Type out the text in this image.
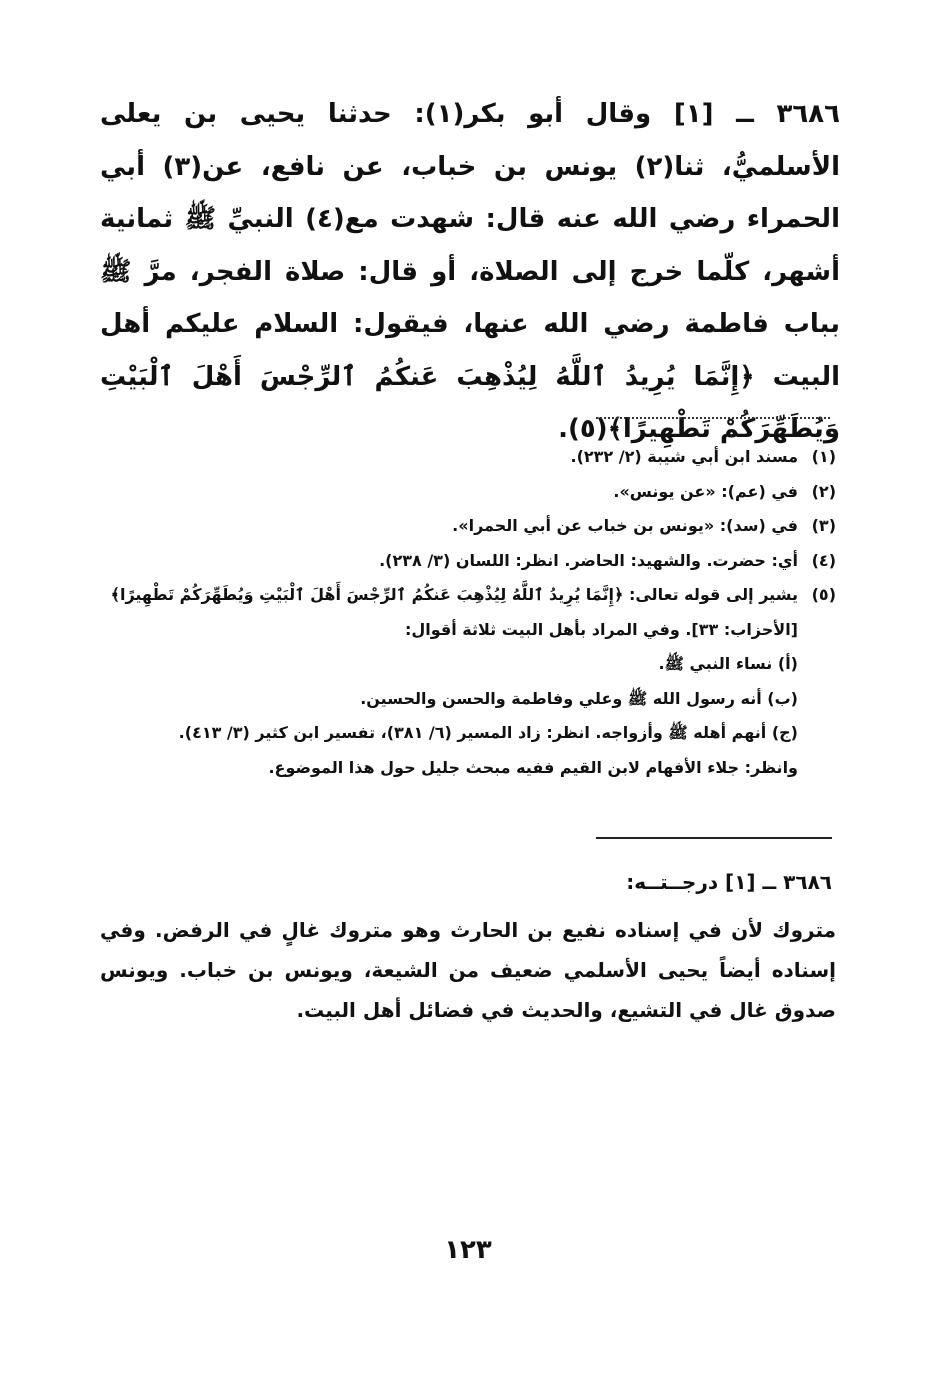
٣٦٨٦ ــ [١] وقال أبو بكر(١): حدثنا يحيى بن يعلى الأسلميُّ، ثنا(٢) يونس بن خباب، عن نافع، عن(٣) أبي الحمراء رضي الله عنه قال: شهدت مع(٤) النبيِّ ﷺ ثمانية أشهر، كلّما خرج إلى الصلاة، أو قال: صلاة الفجر، مرَّ ﷺ بباب فاطمة رضي الله عنها، فيقول: السلام عليكم أهل البيت ﴿إِنَّمَا يُرِيدُ ٱللَّهُ لِيُذْهِبَ عَنكُمُ ٱلرِّجْسَ أَهْلَ ٱلْبَيْتِ وَيُطَهِّرَكُمْ تَطْهِيرًا﴾(٥).

(١)
مسند ابن أبي شيبة (٢/ ٢٣٢).
(٢)
في (عم): «عن يونس».
(٣)
في (سد): «يونس بن خباب عن أبي الحمرا».
(٤)
أي: حضرت. والشهيد: الحاضر. انظر: اللسان (٣/ ٢٣٨).
(٥)
يشير إلى قوله تعالى: ﴿إِنَّمَا يُرِيدُ ٱللَّهُ لِيُذْهِبَ عَنكُمُ ٱلرِّجْسَ أَهْلَ ٱلْبَيْتِ وَيُطَهِّرَكُمْ تَطْهِيرًا﴾
[الأحزاب: ٣٣]. وفي المراد بأهل البيت ثلاثة أقوال:
(أ) نساء النبي ﷺ.
(ب) أنه رسول الله ﷺ وعلي وفاطمة والحسن والحسين.
(ج) أنهم أهله ﷺ وأزواجه. انظر: زاد المسير (٦/ ٣٨١)، تفسير ابن كثير (٣/ ٤١٣).
وانظر: جلاء الأفهام لابن القيم ففيه مبحث جليل حول هذا الموضوع.
٣٦٨٦ ــ [١] درجــتــه:

متروك لأن في إسناده نفيع بن الحارث وهو متروك غالٍ في الرفض. وفي إسناده أيضاً يحيى الأسلمي ضعيف من الشيعة، ويونس بن خباب. ويونس صدوق غال في التشيع، والحديث في فضائل أهل البيت.

١٢٣
